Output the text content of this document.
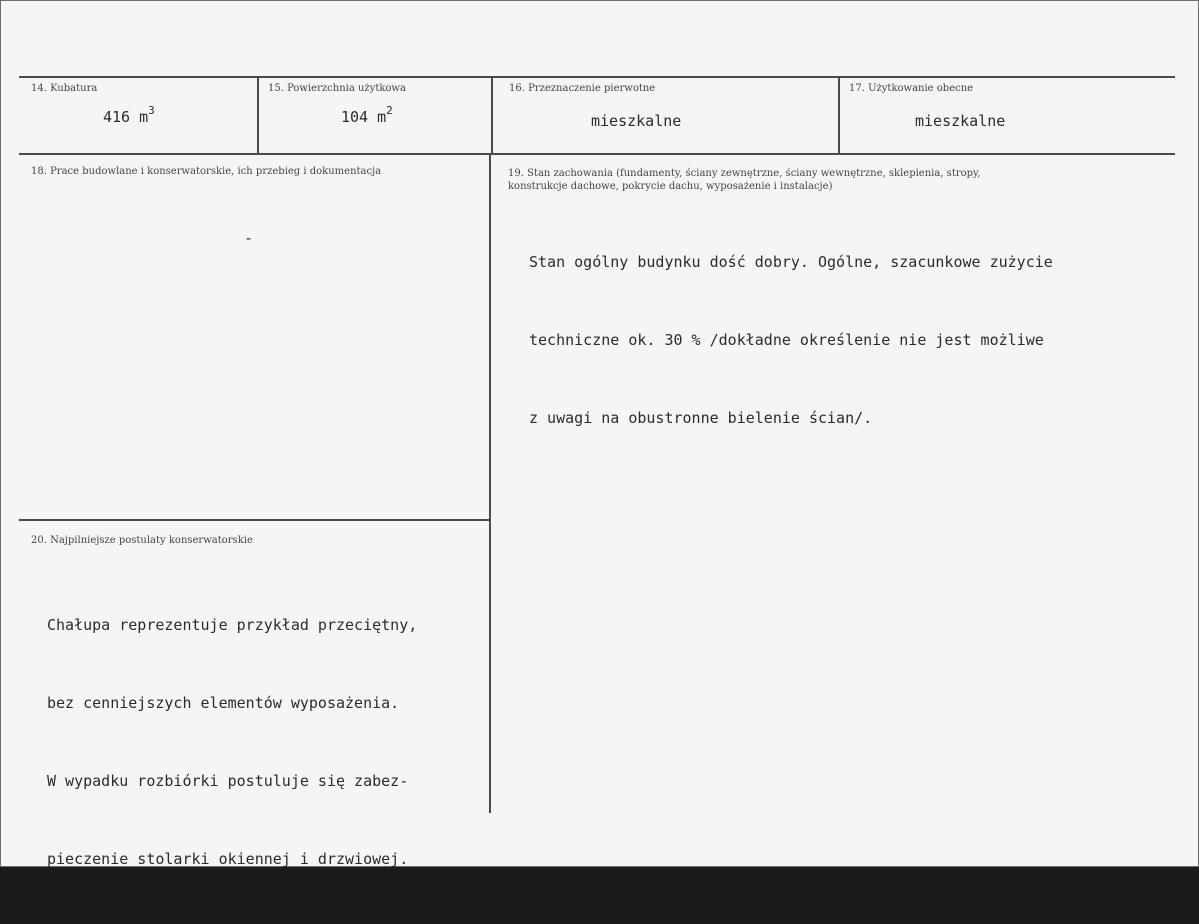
14. Kubatura
416 $m^3$
15. Powierzchnia użytkowa
104 $m^2$
16. Przeznaczenie pierwotne
mieszkalne
17. Użytkowanie obecne
mieszkalne
18. Prace budowlane i konserwatorskie, ich przebieg i dokumentacja
-
19. Stan zachowania (fundamenty, ściany zewnętrzne, ściany wewnętrzne, sklepienia, stropy,
konstrukcje dachowe, pokrycie dachu, wyposażenie i instalacje)

Stan ogólny budynku dość dobry. Ogólne, szacunkowe zużycie

techniczne ok. 30 % /dokładne określenie nie jest możliwe

z uwagi na obustronne bielenie ścian/.

20. Najpilniejsze postulaty konserwatorskie

Chałupa reprezentuje przykład przeciętny,

bez cenniejszych elementów wyposażenia.

W wypadku rozbiórki postuluje się zabez-

pieczenie stolarki okiennej i drzwiowej.
